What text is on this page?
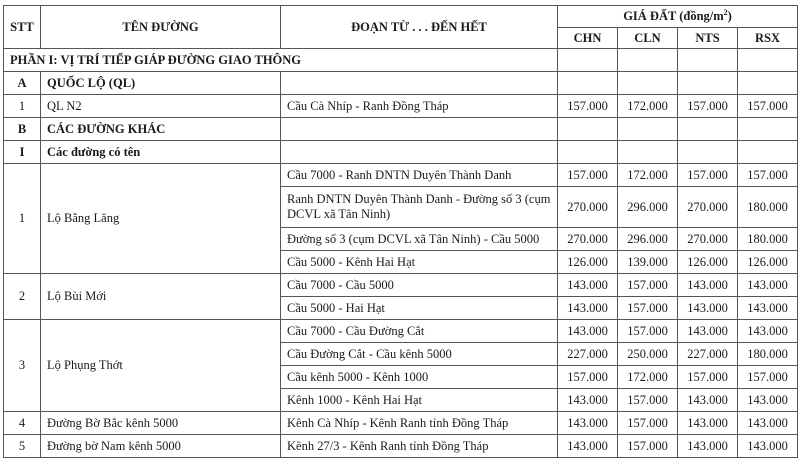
STT	TÊN ĐƯỜNG	ĐOẠN TỪ . . . ĐẾN HẾT	GIÁ ĐẤT $(đồng/m^2)$			
			CHN	CLN	NTS	RSX
PHẦN I: VỊ TRÍ TIẾP GIÁP ĐƯỜNG GIAO THÔNG						
A	QUỐC LỘ (QL)					
1	QL N2	Cầu Cà Nhíp - Ranh Đồng Tháp	157.000	172.000	157.000	157.000
B	CÁC ĐƯỜNG KHÁC					
I	Các đường có tên					
1	Lộ Bằng Lăng	Cầu 7000 - Ranh DNTN Duyên Thành Danh	157.000	172.000	157.000	157.000
		Ranh DNTN Duyên Thành Danh - Đường số 3 (cụm DCVL xã Tân Ninh)	270.000	296.000	270.000	180.000
		Đường số 3 (cụm DCVL xã Tân Ninh) - Cầu 5000	270.000	296.000	270.000	180.000
		Cầu 5000 - Kênh Hai Hạt	126.000	139.000	126.000	126.000
2	Lộ Bùi Mới	Cầu 7000 - Cầu 5000	143.000	157.000	143.000	143.000
		Cầu 5000 - Hai Hạt	143.000	157.000	143.000	143.000
3	Lộ Phụng Thớt	Cầu 7000 - Cầu Đường Cắt	143.000	157.000	143.000	143.000
		Cầu Đường Cắt - Cầu kênh 5000	227.000	250.000	227.000	180.000
		Cầu kênh 5000 - Kênh 1000	157.000	172.000	157.000	157.000
		Kênh 1000 - Kênh Hai Hạt	143.000	157.000	143.000	143.000
4	Đường Bờ Bắc kênh 5000	Kênh Cà Nhíp - Kênh Ranh tỉnh Đồng Tháp	143.000	157.000	143.000	143.000
5	Đường bờ Nam kênh 5000	Kênh 27/3 - Kênh Ranh tỉnh Đồng Tháp	143.000	157.000	143.000	143.000
